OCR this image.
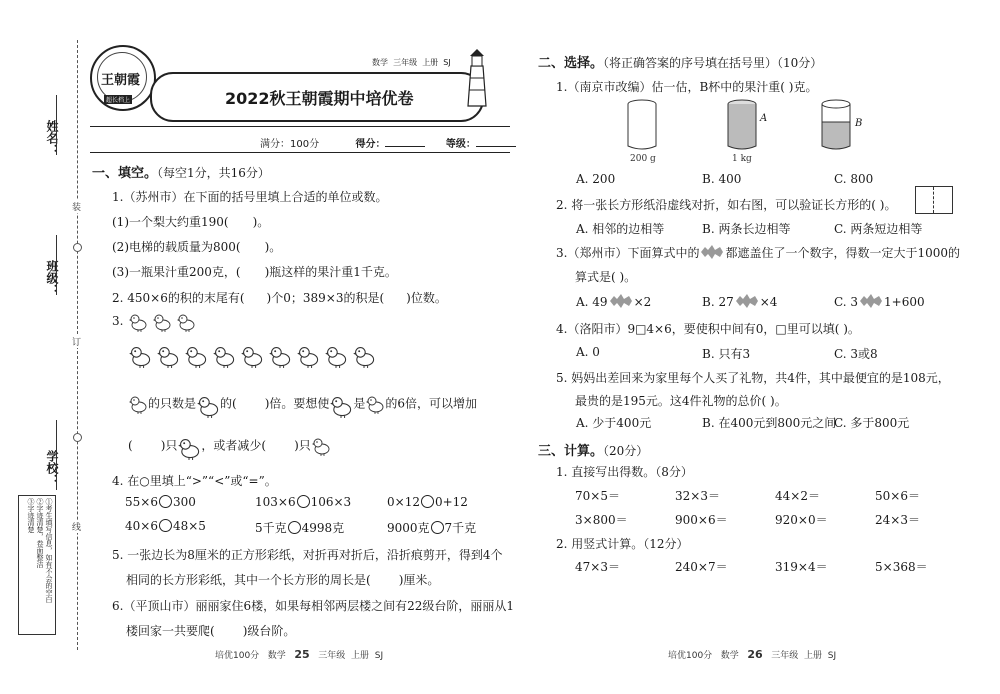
姓名：
班级：
学校：
装
订
线
①考生填写信息，如有不会的空白
②字迹清楚，卷面整洁
③字迹清楚
王朝霞
超长档上
数学 三年级 上册 SJ
2022秋王朝霞期中培优卷
满分：100分	得分：	等级：
一、填空。（每空1分，共16分）
1.（苏州市）在下面的括号里填上合适的单位或数。
(1)一个梨大约重190( )。
(2)电梯的载质量为800( )。
(3)一瓶果汁重200克，( )瓶这样的果汁重1千克。
2. 450×6的积的末尾有( )个0；389×3的积是( )位数。
3.
的只数是 的( )倍。要想使 是 的6倍，可以增加
( )只 ，或者减少( )只
4. 在○里填上“>”“<”或“=”。
55×6 300	103×6 106×3	0×12 0+12
40×6 48×5	5千克 4998克	9000克 7千克
5. 一张边长为8厘米的正方形彩纸，对折再对折后，沿折痕剪开，得到4个
相同的长方形彩纸，其中一个长方形的周长是( )厘米。
6.（平顶山市）丽丽家住6楼，如果每相邻两层楼之间有22级台阶，丽丽从1
楼回家一共要爬( )级台阶。
培优100分 数学 25 三年级 上册 SJ
二、选择。（将正确答案的序号填在括号里）（10分）
1.（南京市改编）估一估，B杯中的果汁重( )克。
200 g	1 kg
A	B
A. 200	B. 400	C. 800
2. 将一张长方形纸沿虚线对折，如右图，可以验证长方形的( )。
A. 相邻的边相等	B. 两条长边相等	C. 两条短边相等
3.（郑州市）下面算式中的 都遮盖住了一个数字，得数一定大于1000的
算式是( )。
A. 49 ×2	B. 27 ×4	C. 3 1+600
4.（洛阳市）9□4×6，要使积中间有0，□里可以填( )。
A. 0	B. 只有3	C. 3或8
5. 妈妈出差回来为家里每个人买了礼物，共4件，其中最便宜的是108元，
最贵的是195元。这4件礼物的总价( )。
A. 少于400元	B. 在400元到800元之间
C. 多于800元
三、计算。（20分）
1. 直接写出得数。（8分）
70×5＝	32×3＝	44×2＝	50×6＝
3×800＝	900×6＝	920×0＝	24×3＝
2. 用竖式计算。（12分）
47×3＝	240×7＝	319×4＝	5×368＝
培优100分 数学 26 三年级 上册 SJ
